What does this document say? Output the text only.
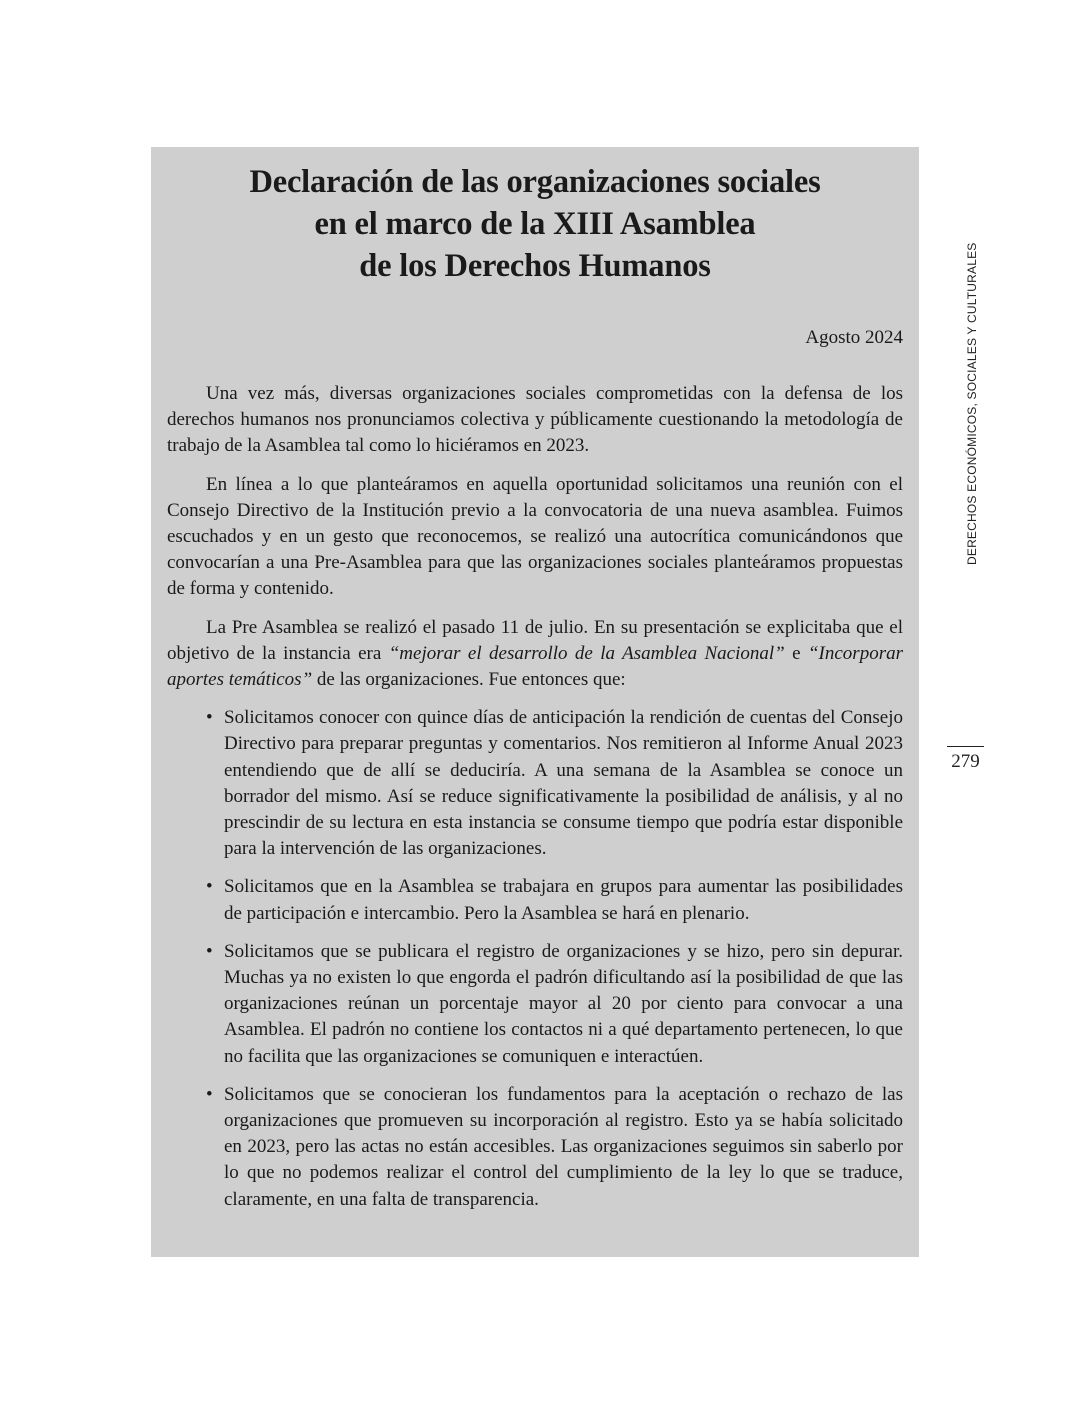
Declaración de las organizaciones sociales
en el marco de la XIII Asamblea
de los Derechos Humanos
Agosto 2024

Una vez más, diversas organizaciones sociales comprometidas con la defensa de los derechos humanos nos pronunciamos colectiva y públicamente cuestionando la metodología de trabajo de la Asamblea tal como lo hiciéramos en 2023.

En línea a lo que planteáramos en aquella oportunidad solicitamos una reunión con el Consejo Directivo de la Institución previo a la convocatoria de una nueva asamblea. Fuimos escuchados y en un gesto que reconocemos, se realizó una autocrítica comunicándonos que convocarían a una Pre-Asamblea para que las organizaciones sociales planteáramos propuestas de forma y contenido.

La Pre Asamblea se realizó el pasado 11 de julio. En su presentación se explicitaba que el objetivo de la instancia era “mejorar el desarrollo de la Asamblea Nacional” e “Incorporar aportes temáticos” de las organizaciones. Fue entonces que:

• Solicitamos conocer con quince días de anticipación la rendición de cuentas del Consejo Directivo para preparar preguntas y comentarios. Nos remitieron al Informe Anual 2023 entendiendo que de allí se deduciría. A una semana de la Asamblea se conoce un borrador del mismo. Así se reduce significativamente la posibilidad de análisis, y al no prescindir de su lectura en esta instancia se consume tiempo que podría estar disponible para la intervención de las organizaciones.
• Solicitamos que en la Asamblea se trabajara en grupos para aumentar las posibilidades de participación e intercambio. Pero la Asamblea se hará en plenario.
• Solicitamos que se publicara el registro de organizaciones y se hizo, pero sin depurar. Muchas ya no existen lo que engorda el padrón dificultando así la posibilidad de que las organizaciones reúnan un porcentaje mayor al 20 por ciento para convocar a una Asamblea. El padrón no contiene los contactos ni a qué departamento pertenecen, lo que no facilita que las organizaciones se comuniquen e interactúen.
• Solicitamos que se conocieran los fundamentos para la aceptación o rechazo de las organizaciones que promueven su incorporación al registro. Esto ya se había solicitado en 2023, pero las actas no están accesibles. Las organizaciones seguimos sin saberlo por lo que no podemos realizar el control del cumplimiento de la ley lo que se traduce, claramente, en una falta de transparencia.
DERECHOS ECONÓMICOS, SOCIALES Y CULTURALES
279
